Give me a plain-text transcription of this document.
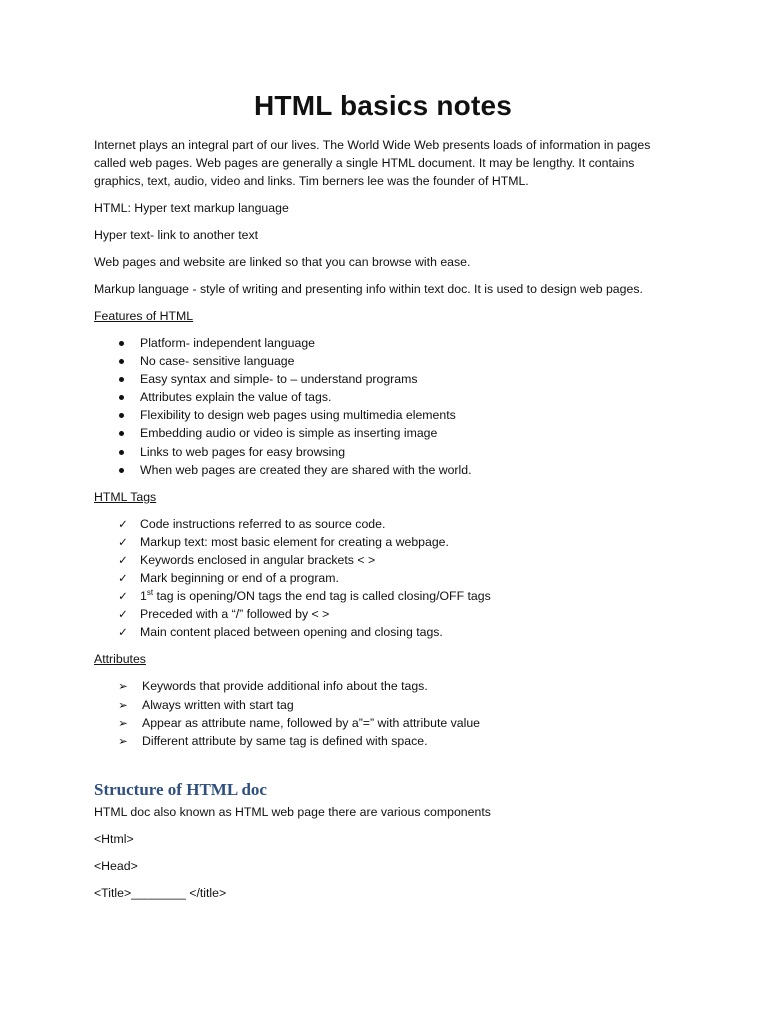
HTML basics notes

Internet plays an integral part of our lives. The World Wide Web presents loads of information in pages called web pages. Web pages are generally a single HTML document. It may be lengthy. It contains graphics, text, audio, video and links. Tim berners lee was the founder of HTML.

HTML: Hyper text markup language

Hyper text- link to another text

Web pages and website are linked so that you can browse with ease.

Markup language - style of writing and presenting info within text doc. It is used to design web pages.

Features of HTML

Platform- independent language
No case- sensitive language
Easy syntax and simple- to – understand programs
Attributes explain the value of tags.
Flexibility to design web pages using multimedia elements
Embedding audio or video is simple as inserting image
Links to web pages for easy browsing
When web pages are created they are shared with the world.

HTML Tags

✓ Code instructions referred to as source code.
✓ Markup text: most basic element for creating a webpage.
✓ Keywords enclosed in angular brackets < >
✓ Mark beginning or end of a program.
✓ 1st tag is opening/ON tags the end tag is called closing/OFF tags
✓ Preceded with a “/” followed by < >
✓ Main content placed between opening and closing tags.

Attributes

➢	Keywords that provide additional info about the tags.
➢	Always written with start tag
➢	Appear as attribute name, followed by a”=” with attribute value
➢	Different attribute by same tag is defined with space.
Structure of HTML doc

HTML doc also known as HTML web page there are various components

<Html>

<Head>

<Title>________ </title>
